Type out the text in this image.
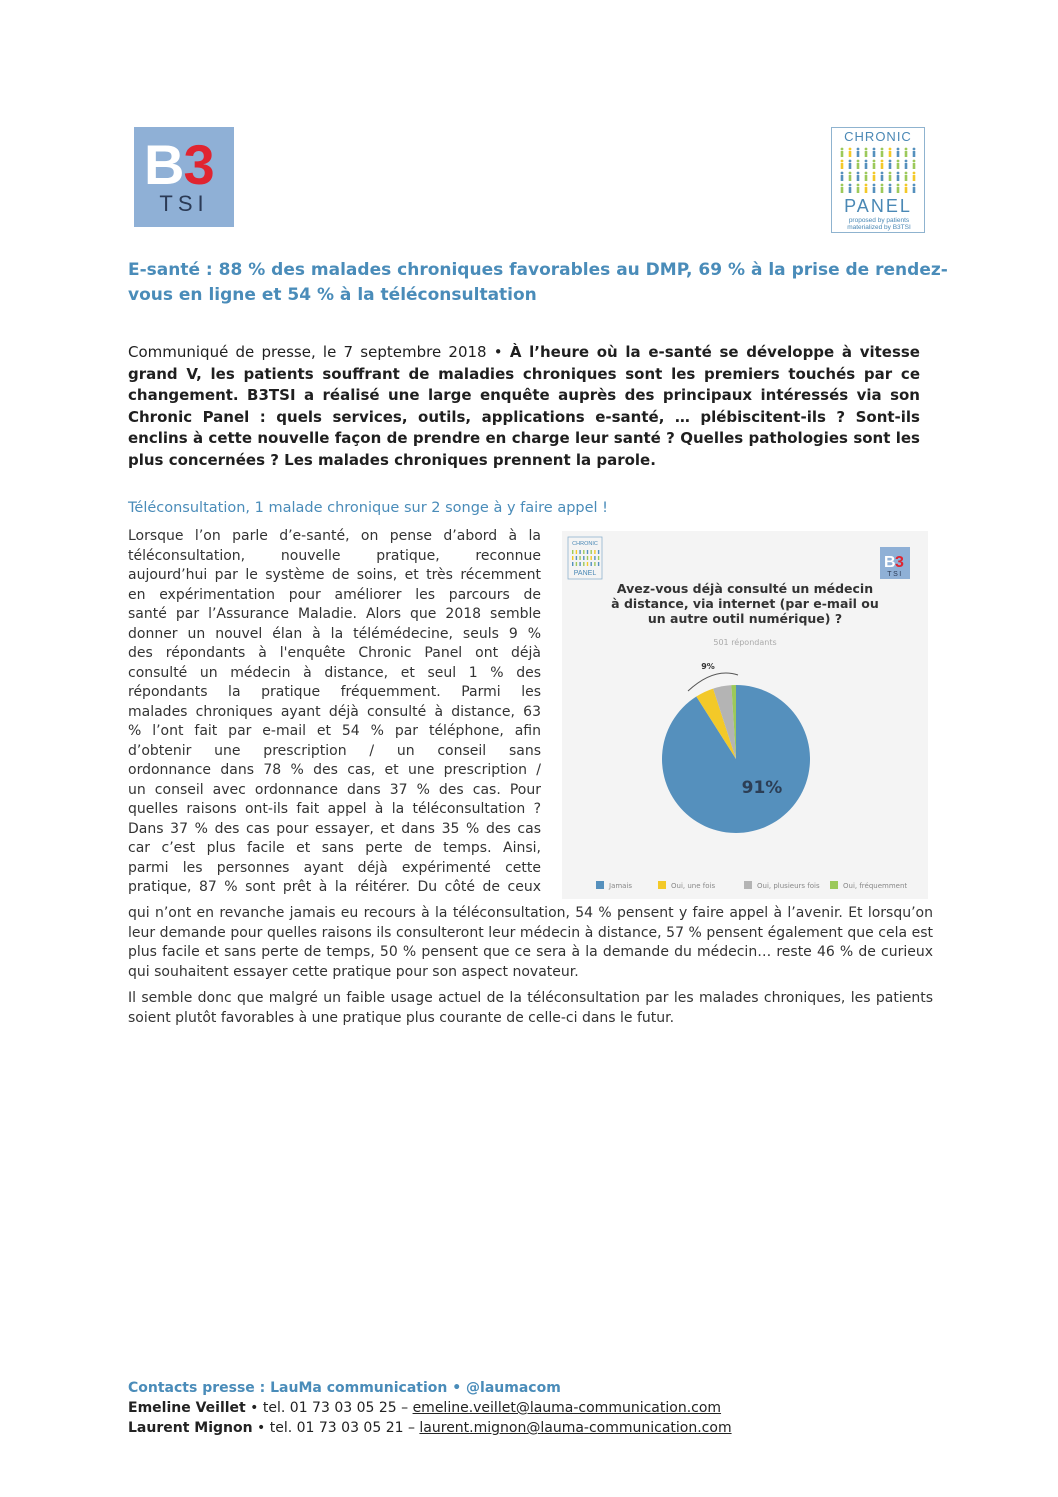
B3
TSI
CHRONIC
PANEL
proposed by patients
materialized by B3TSI
E-santé : 88 % des malades chroniques favorables au DMP, 69 % à la prise de rendez-vous en ligne et 54 % à la téléconsultation
Communiqué de presse, le 7 septembre 2018 • À l’heure où la e-santé se développe à vitesse grand V, les patients souffrant de maladies chroniques sont les premiers touchés par ce changement. B3TSI a réalisé une large enquête auprès des principaux intéressés via son Chronic Panel : quels services, outils, applications e-santé, … plébiscitent-ils ? Sont-ils enclins à cette nouvelle façon de prendre en charge leur santé ? Quelles pathologies sont les plus concernées ? Les malades chroniques prennent la parole.
Téléconsultation, 1 malade chronique sur 2 songe à y faire appel !
Lorsque l’on parle d’e-santé, on pense d’abord à la
téléconsultation, nouvelle pratique, reconnue
aujourd’hui par le système de soins, et très récemment
en expérimentation pour améliorer les parcours de
santé par l’Assurance Maladie. Alors que 2018 semble
donner un nouvel élan à la télémédecine, seuls 9 %
des répondants à l'enquête Chronic Panel ont déjà
consulté un médecin à distance, et seul 1 % des
répondants la pratique fréquemment. Parmi les
malades chroniques ayant déjà consulté à distance, 63
% l’ont fait par e-mail et 54 % par téléphone, afin
d’obtenir une prescription / un conseil sans
ordonnance dans 78 % des cas, et une prescription /
un conseil avec ordonnance dans 37 % des cas. Pour
quelles raisons ont-ils fait appel à la téléconsultation ?
Dans 37 % des cas pour essayer, et dans 35 % des cas
car c’est plus facile et sans perte de temps. Ainsi,
parmi les personnes ayant déjà expérimenté cette
pratique, 87 % sont prêt à la réitérer. Du côté de ceux
CHRONIC
PANEL
B 3
TSI
Avez-vous déjà consulté un médecin
à distance, via internet (par e-mail ou
un autre outil numérique) ?
501 répondants
91%
9%
Jamais	Oui, une fois	Oui, plusieurs fois	Oui, fréquemment
qui n’ont en revanche jamais eu recours à la téléconsultation, 54 % pensent y faire appel à l’avenir. Et lorsqu’on leur demande pour quelles raisons ils consulteront leur médecin à distance, 57 % pensent également que cela est plus facile et sans perte de temps, 50 % pensent que ce sera à la demande du médecin… reste 46 % de curieux qui souhaitent essayer cette pratique pour son aspect novateur.
Il semble donc que malgré un faible usage actuel de la téléconsultation par les malades chroniques, les patients soient plutôt favorables à une pratique plus courante de celle-ci dans le futur.
Contacts presse : LauMa communication • @laumacom
Emeline Veillet • tel. 01 73 03 05 25 – emeline.veillet@lauma-communication.com
Laurent Mignon • tel. 01 73 03 05 21 – laurent.mignon@lauma-communication.com
